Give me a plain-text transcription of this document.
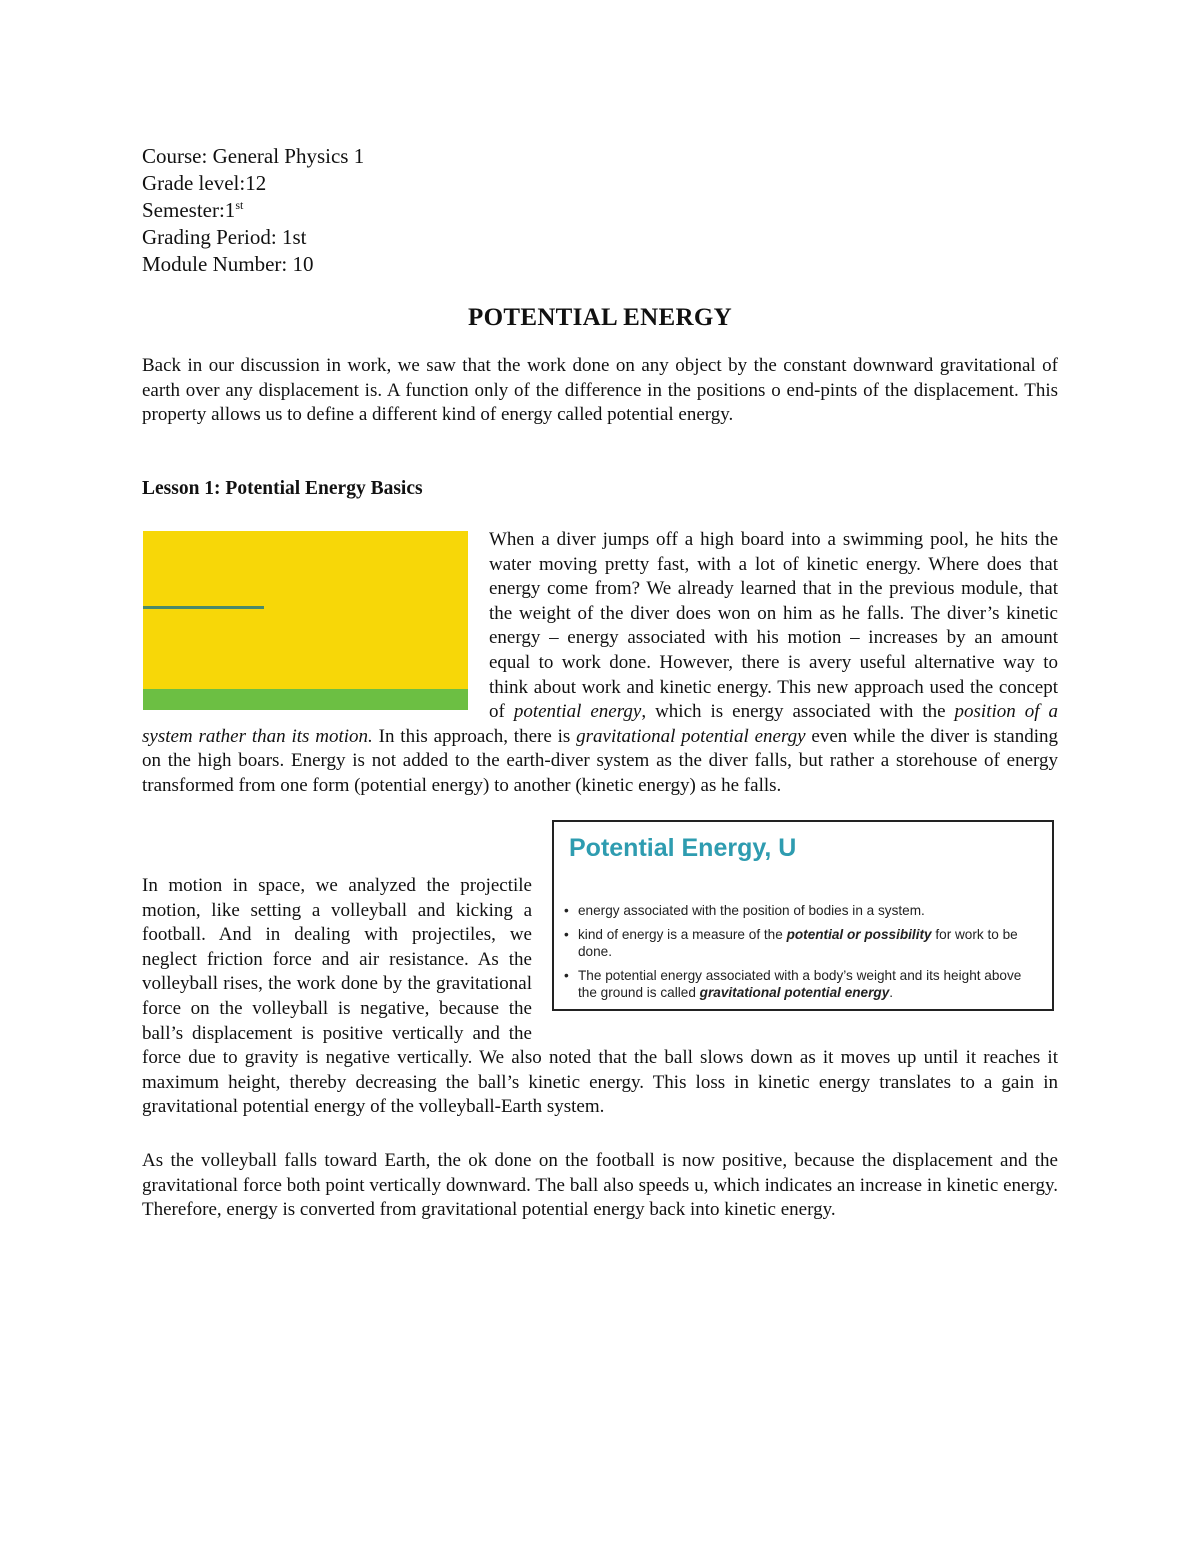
Course: General Physics 1
Grade level:12
Semester:1st
Grading Period: 1st
Module Number: 10
POTENTIAL ENERGY
Back in our discussion in work, we saw that the work done on any object by the constant downward gravitational of earth over any displacement is. A function only of the difference in the positions o end-pints of the displacement. This property allows us to define a different kind of energy called potential energy.
Lesson 1: Potential Energy Basics

When a diver jumps off a high board into a swimming pool, he hits the water moving pretty fast, with a lot of kinetic energy. Where does that energy come from? We already learned that in the previous module, that the weight of the diver does won on him as he falls. The diver’s kinetic energy – energy associated with his motion – increases by an amount equal to work done. However, there is avery useful alternative way to think about work and kinetic energy. This new approach used the concept of potential energy, which is energy associated with the position of a system rather than its motion. In this approach, there is gravitational potential energy even while the diver is standing on the high boars. Energy is not added to the earth-diver system as the diver falls, but rather a storehouse of energy transformed from one form (potential energy) to another (kinetic energy) as he falls.

Potential Energy, U
• energy associated with the position of bodies in a system.
• kind of energy is a measure of the potential or possibility for work to be done.
• The potential energy associated with a body’s weight and its height above the ground is called gravitational potential energy.
In motion in space, we analyzed the projectile motion, like setting a volleyball and kicking a football. And in dealing with projectiles, we neglect friction force and air resistance. As the volleyball rises, the work done by the gravitational force on the volleyball is negative, because the ball’s displacement is positive vertically and the force due to gravity is negative vertically. We also noted that the ball slows down as it moves up until it reaches it maximum height, thereby decreasing the ball’s kinetic energy. This loss in kinetic energy translates to a gain in gravitational potential energy of the volleyball-Earth system.
As the volleyball falls toward Earth, the ok done on the football is now positive, because the displacement and the gravitational force both point vertically downward. The ball also speeds u, which indicates an increase in kinetic energy. Therefore, energy is converted from gravitational potential energy back into kinetic energy.
